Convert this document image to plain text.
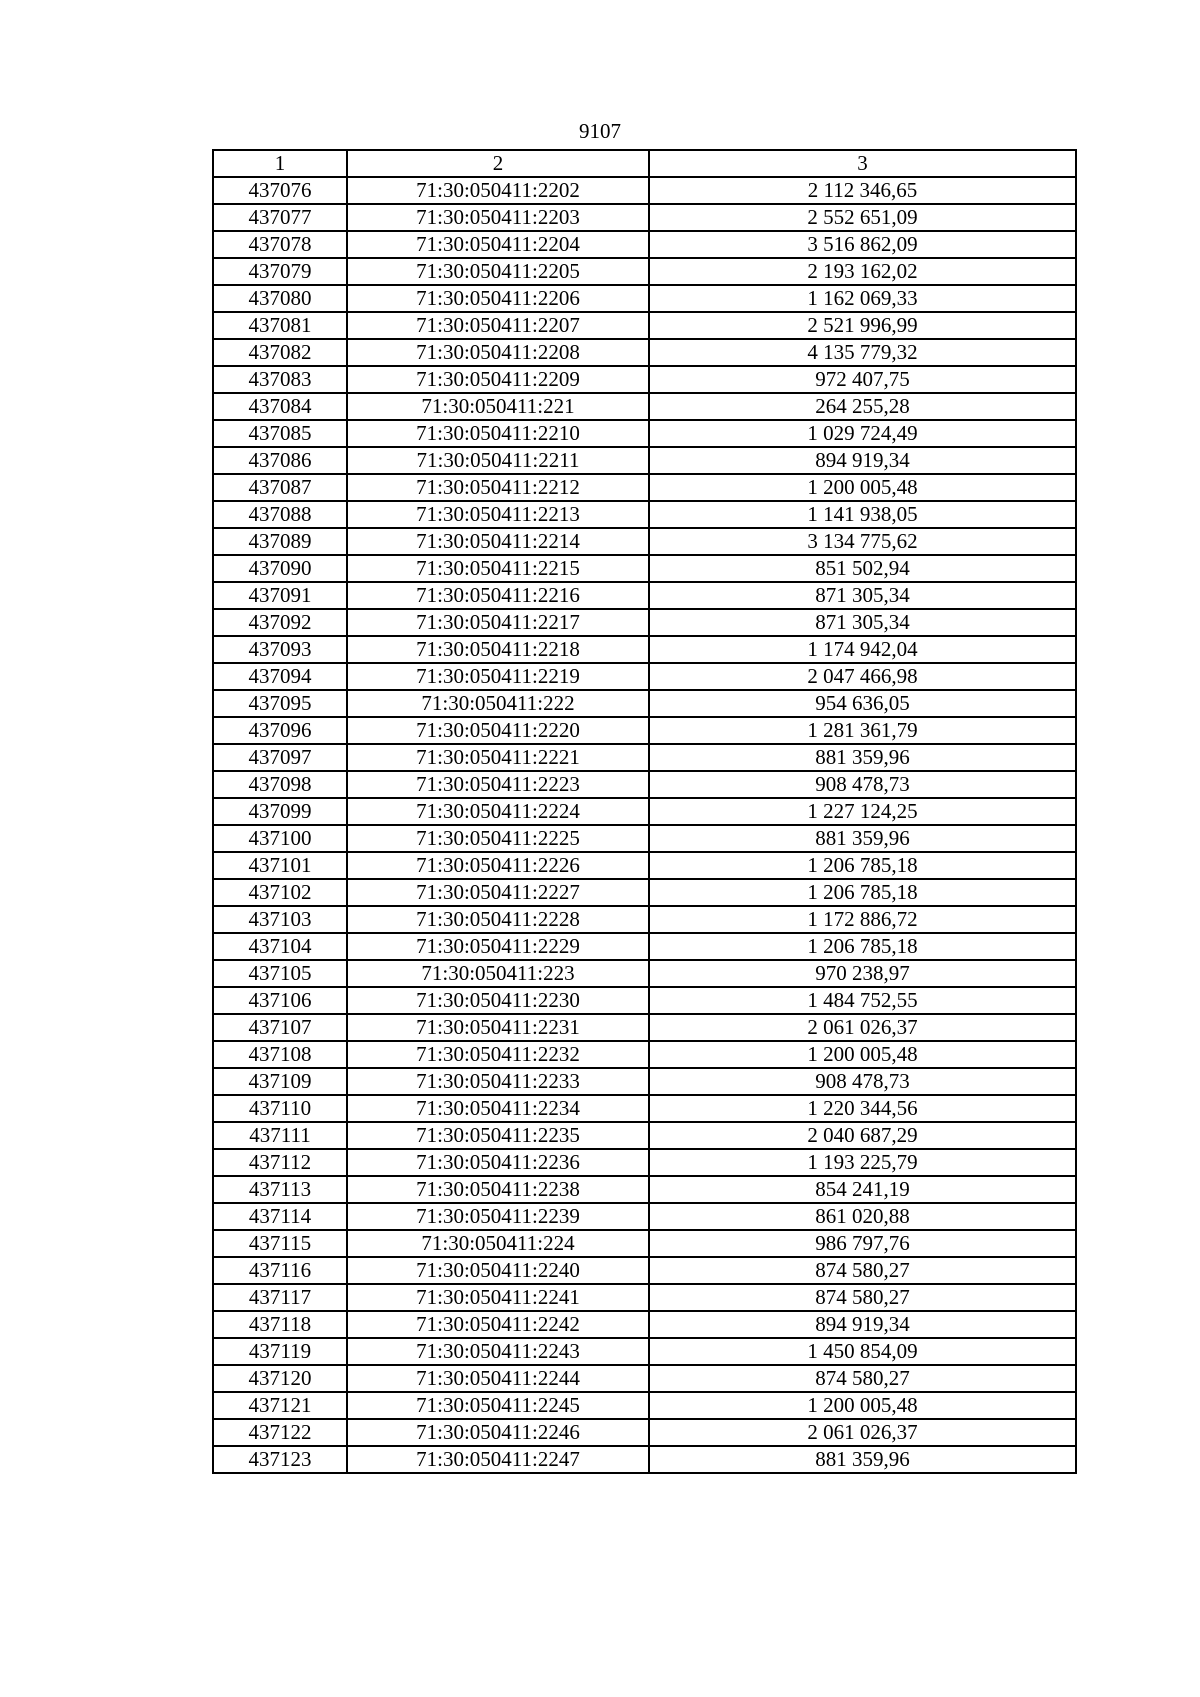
9107
1	2	3
437076	71:30:050411:2202	2 112 346,65
437077	71:30:050411:2203	2 552 651,09
437078	71:30:050411:2204	3 516 862,09
437079	71:30:050411:2205	2 193 162,02
437080	71:30:050411:2206	1 162 069,33
437081	71:30:050411:2207	2 521 996,99
437082	71:30:050411:2208	4 135 779,32
437083	71:30:050411:2209	972 407,75
437084	71:30:050411:221	264 255,28
437085	71:30:050411:2210	1 029 724,49
437086	71:30:050411:2211	894 919,34
437087	71:30:050411:2212	1 200 005,48
437088	71:30:050411:2213	1 141 938,05
437089	71:30:050411:2214	3 134 775,62
437090	71:30:050411:2215	851 502,94
437091	71:30:050411:2216	871 305,34
437092	71:30:050411:2217	871 305,34
437093	71:30:050411:2218	1 174 942,04
437094	71:30:050411:2219	2 047 466,98
437095	71:30:050411:222	954 636,05
437096	71:30:050411:2220	1 281 361,79
437097	71:30:050411:2221	881 359,96
437098	71:30:050411:2223	908 478,73
437099	71:30:050411:2224	1 227 124,25
437100	71:30:050411:2225	881 359,96
437101	71:30:050411:2226	1 206 785,18
437102	71:30:050411:2227	1 206 785,18
437103	71:30:050411:2228	1 172 886,72
437104	71:30:050411:2229	1 206 785,18
437105	71:30:050411:223	970 238,97
437106	71:30:050411:2230	1 484 752,55
437107	71:30:050411:2231	2 061 026,37
437108	71:30:050411:2232	1 200 005,48
437109	71:30:050411:2233	908 478,73
437110	71:30:050411:2234	1 220 344,56
437111	71:30:050411:2235	2 040 687,29
437112	71:30:050411:2236	1 193 225,79
437113	71:30:050411:2238	854 241,19
437114	71:30:050411:2239	861 020,88
437115	71:30:050411:224	986 797,76
437116	71:30:050411:2240	874 580,27
437117	71:30:050411:2241	874 580,27
437118	71:30:050411:2242	894 919,34
437119	71:30:050411:2243	1 450 854,09
437120	71:30:050411:2244	874 580,27
437121	71:30:050411:2245	1 200 005,48
437122	71:30:050411:2246	2 061 026,37
437123	71:30:050411:2247	881 359,96
